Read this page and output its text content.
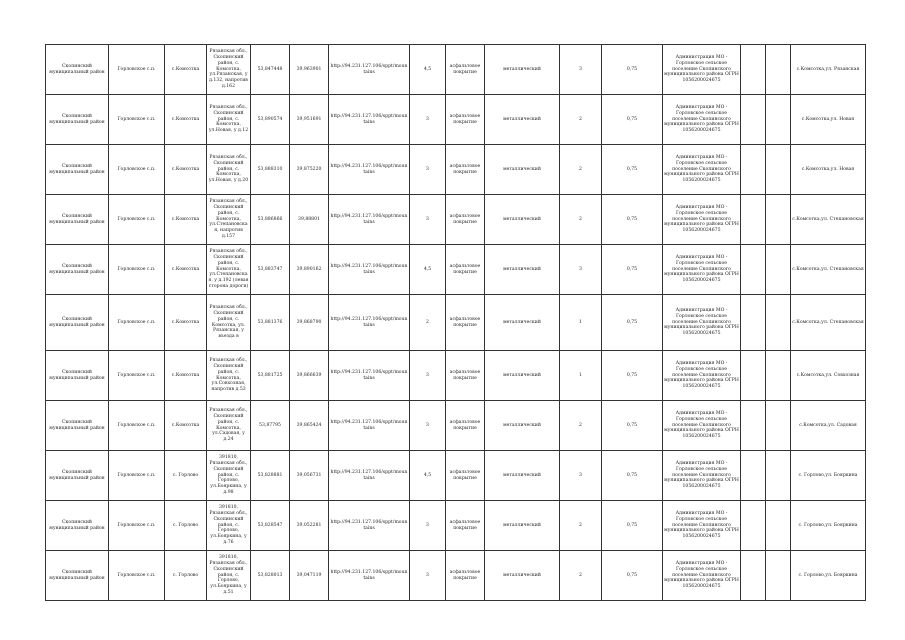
Скопинский муниципальный район	Горловское с.п.	с.Комсотка	Рязанская обл., Скопинский район, с. Комсотка, ул.Рязанская, у д.132, напротив д.162	53,847448	39,963901	http://94.231.127.106/sppt/mountains	4,5	асфальтовое покрытие	металлический	3	0,75	Администрация МО - Горловское сельское поселение Скопинского муниципального района ОГРН 1056200024675			с.Комсотка,ул. Рязанская
Скопинский муниципальный район	Горловское с.п.	с.Комсотка	Рязанская обл., Скопинский район, с. Комсотка, ул.Новая, у д.12	53,890574	39,951691	http://94.231.127.106/sppt/mountains	3	асфальтовое покрытие	металлический	2	0,75	Администрация МО - Горловское сельское поселение Скопинского муниципального района ОГРН 1056200024675			с.Комсотка,ул. Новая
Скопинский муниципальный район	Горловское с.п.	с.Комсотка	Рязанская обл., Скопинский район, с. Комсотка, ул.Новая, у д.20	53,888310	39,875220	http://94.231.127.106/sppt/mountains	3	асфальтовое покрытие	металлический	2	0,75	Администрация МО - Горловское сельское поселение Скопинского муниципального района ОГРН 1056200024675			с.Комсотка,ул. Новая
Скопинский муниципальный район	Горловское с.п.	с.Комсотка	Рязанская обл., Скопинский район, с. Комсотка, ул.Степановская, напротив д.157	53,886866	39,88801	http://94.231.127.106/sppt/mountains	3	асфальтовое покрытие	металлический	2	0,75	Администрация МО - Горловское сельское поселение Скопинского муниципального района ОГРН 1056200024675			с.Комсотка,ул. Степановская
Скопинский муниципальный район	Горловское с.п.	с.Комсотка	Рязанская обл., Скопинский район, с. Комсотка, ул.Степановская, у д.192 (левая сторона дороги)	53,883747	39,890162	http://94.231.127.106/sppt/mountains	4,5	асфальтовое покрытие	металлический	3	0,75	Администрация МО - Горловское сельское поселение Скопинского муниципального района ОГРН 1056200024675			с.Комсотка,ул. Степановская
Скопинский муниципальный район	Горловское с.п.	с.Комсотка	Рязанская обл., Скопинский район, с. Комсотка, ул. Рязанская, у въезда в	53,881376	39,868790	http://94.231.127.106/sppt/mountains	2	асфальтовое покрытие	металлический	1	0,75	Администрация МО - Горловское сельское поселение Скопинского муниципального района ОГРН 1056200024675			с.Комсотка,ул. Степановская
Скопинский муниципальный район	Горловское с.п.	с.Комсотка	Рязанская обл., Скопинский район, с. Комсотка, ул.Совхозная, напротив д.53	53,881725	39,866639	http://94.231.127.106/sppt/mountains	3	асфальтовое покрытие	металлический	1	0,75	Администрация МО - Горловское сельское поселение Скопинского муниципального района ОГРН 1056200024675			с.Комсотка,ул. Совхозная
Скопинский муниципальный район	Горловское с.п.	с.Комсотка	Рязанская обл., Скопинский район, с. Комсотка, ул.Садовая, у д.24	53,87795	39,865424	http://94.231.127.106/sppt/mountains	3	асфальтовое покрытие	металлический	2	0,75	Администрация МО - Горловское сельское поселение Скопинского муниципального района ОГРН 1056200024675			с.Комсотка,ул. Садовая
Скопинский муниципальный район	Горловское с.п.	с. Горлово	391810, Рязанская обл., Скопинский район, с. Горлово, ул.Бояркина, у д.98	53,828881	39,056731	http://94.231.127.106/sppt/mountains	4,5	асфальтовое покрытие	металлический	3	0,75	Администрация МО - Горловское сельское поселение Скопинского муниципального района ОГРН 1056200024675			с. Горлово,ул. Бояркина
Скопинский муниципальный район	Горловское с.п.	с. Горлово	391810, Рязанская обл., Скопинский район, с. Горлово, ул.Бояркина, у д.76	53,828547	39,052281	http://94.231.127.106/sppt/mountains	3	асфальтовое покрытие	металлический	2	0,75	Администрация МО - Горловское сельское поселение Скопинского муниципального района ОГРН 1056200024675			с. Горлово,ул. Бояркина
Скопинский муниципальный район	Горловское с.п.	с. Горлово	391810, Рязанская обл., Скопинский район, с. Горлово, ул.Бояркина, у д.51	53,828013	39,047119	http://94.231.127.106/sppt/mountains	3	асфальтовое покрытие	металлический	2	0,75	Администрация МО - Горловское сельское поселение Скопинского муниципального района ОГРН 1056200024675			с. Горлово,ул. Бояркина
